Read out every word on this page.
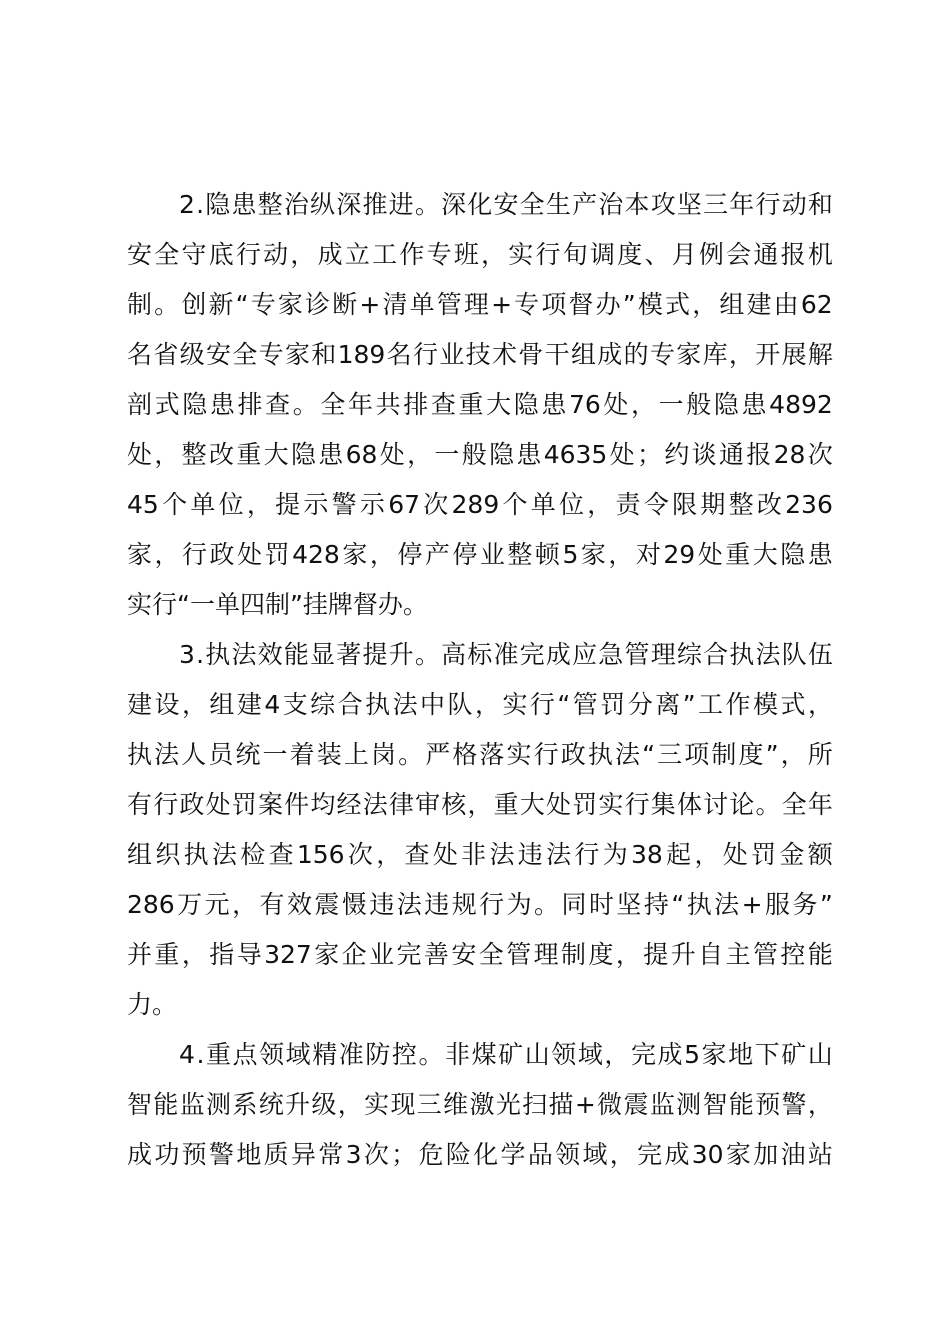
2 . 隐 患 整 治 纵 深 推 进 。 深 化 安 全 生 产 治 本 攻 坚 三 年 行 动 和
安 全 守 底 行 动 ， 成 立 工 作 专 班 ， 实 行 旬 调 度 、 月 例 会 通 报 机
制 。 创 新 “ 专 家 诊 断 + 清 单 管 理 + 专 项 督 办 ” 模 式 ， 组 建 由 62
名 省 级 安 全 专 家 和 189 名 行 业 技 术 骨 干 组 成 的 专 家 库 ， 开 展 解
剖 式 隐 患 排 查 。 全 年 共 排 查 重 大 隐 患 76 处 ， 一 般 隐 患 4892
处 ， 整 改 重 大 隐 患 68 处 ， 一 般 隐 患 4635 处 ； 约 谈 通 报 28 次
45 个 单 位 ， 提 示 警 示 67 次 289 个 单 位 ， 责 令 限 期 整 改 236
家 ， 行 政 处 罚 428 家 ， 停 产 停 业 整 顿 5 家 ， 对 29 处 重 大 隐 患
实行“一单四制”挂牌督办。
3 . 执 法 效 能 显 著 提 升 。 高 标 准 完 成 应 急 管 理 综 合 执 法 队 伍
建 设 ， 组 建 4 支 综 合 执 法 中 队 ， 实 行 “ 管 罚 分 离 ” 工 作 模 式 ，
执 法 人 员 统 一 着 装 上 岗 。 严 格 落 实 行 政 执 法 “ 三 项 制 度 ” ， 所
有 行 政 处 罚 案 件 均 经 法 律 审 核 ， 重 大 处 罚 实 行 集 体 讨 论 。 全 年
组 织 执 法 检 查 156 次 ， 查 处 非 法 违 法 行 为 38 起 ， 处 罚 金 额
286 万 元 ， 有 效 震 慑 违 法 违 规 行 为 。 同 时 坚 持 “ 执 法 + 服 务 ”
并 重 ， 指 导 327 家 企 业 完 善 安 全 管 理 制 度 ， 提 升 自 主 管 控 能
力。
4 . 重 点 领 域 精 准 防 控 。 非 煤 矿 山 领 域 ， 完 成 5 家 地 下 矿 山
智 能 监 测 系 统 升 级 ， 实 现 三 维 激 光 扫 描 + 微 震 监 测 智 能 预 警 ，
成 功 预 警 地 质 异 常 3 次 ； 危 险 化 学 品 领 域 ， 完 成 30 家 加 油 站
